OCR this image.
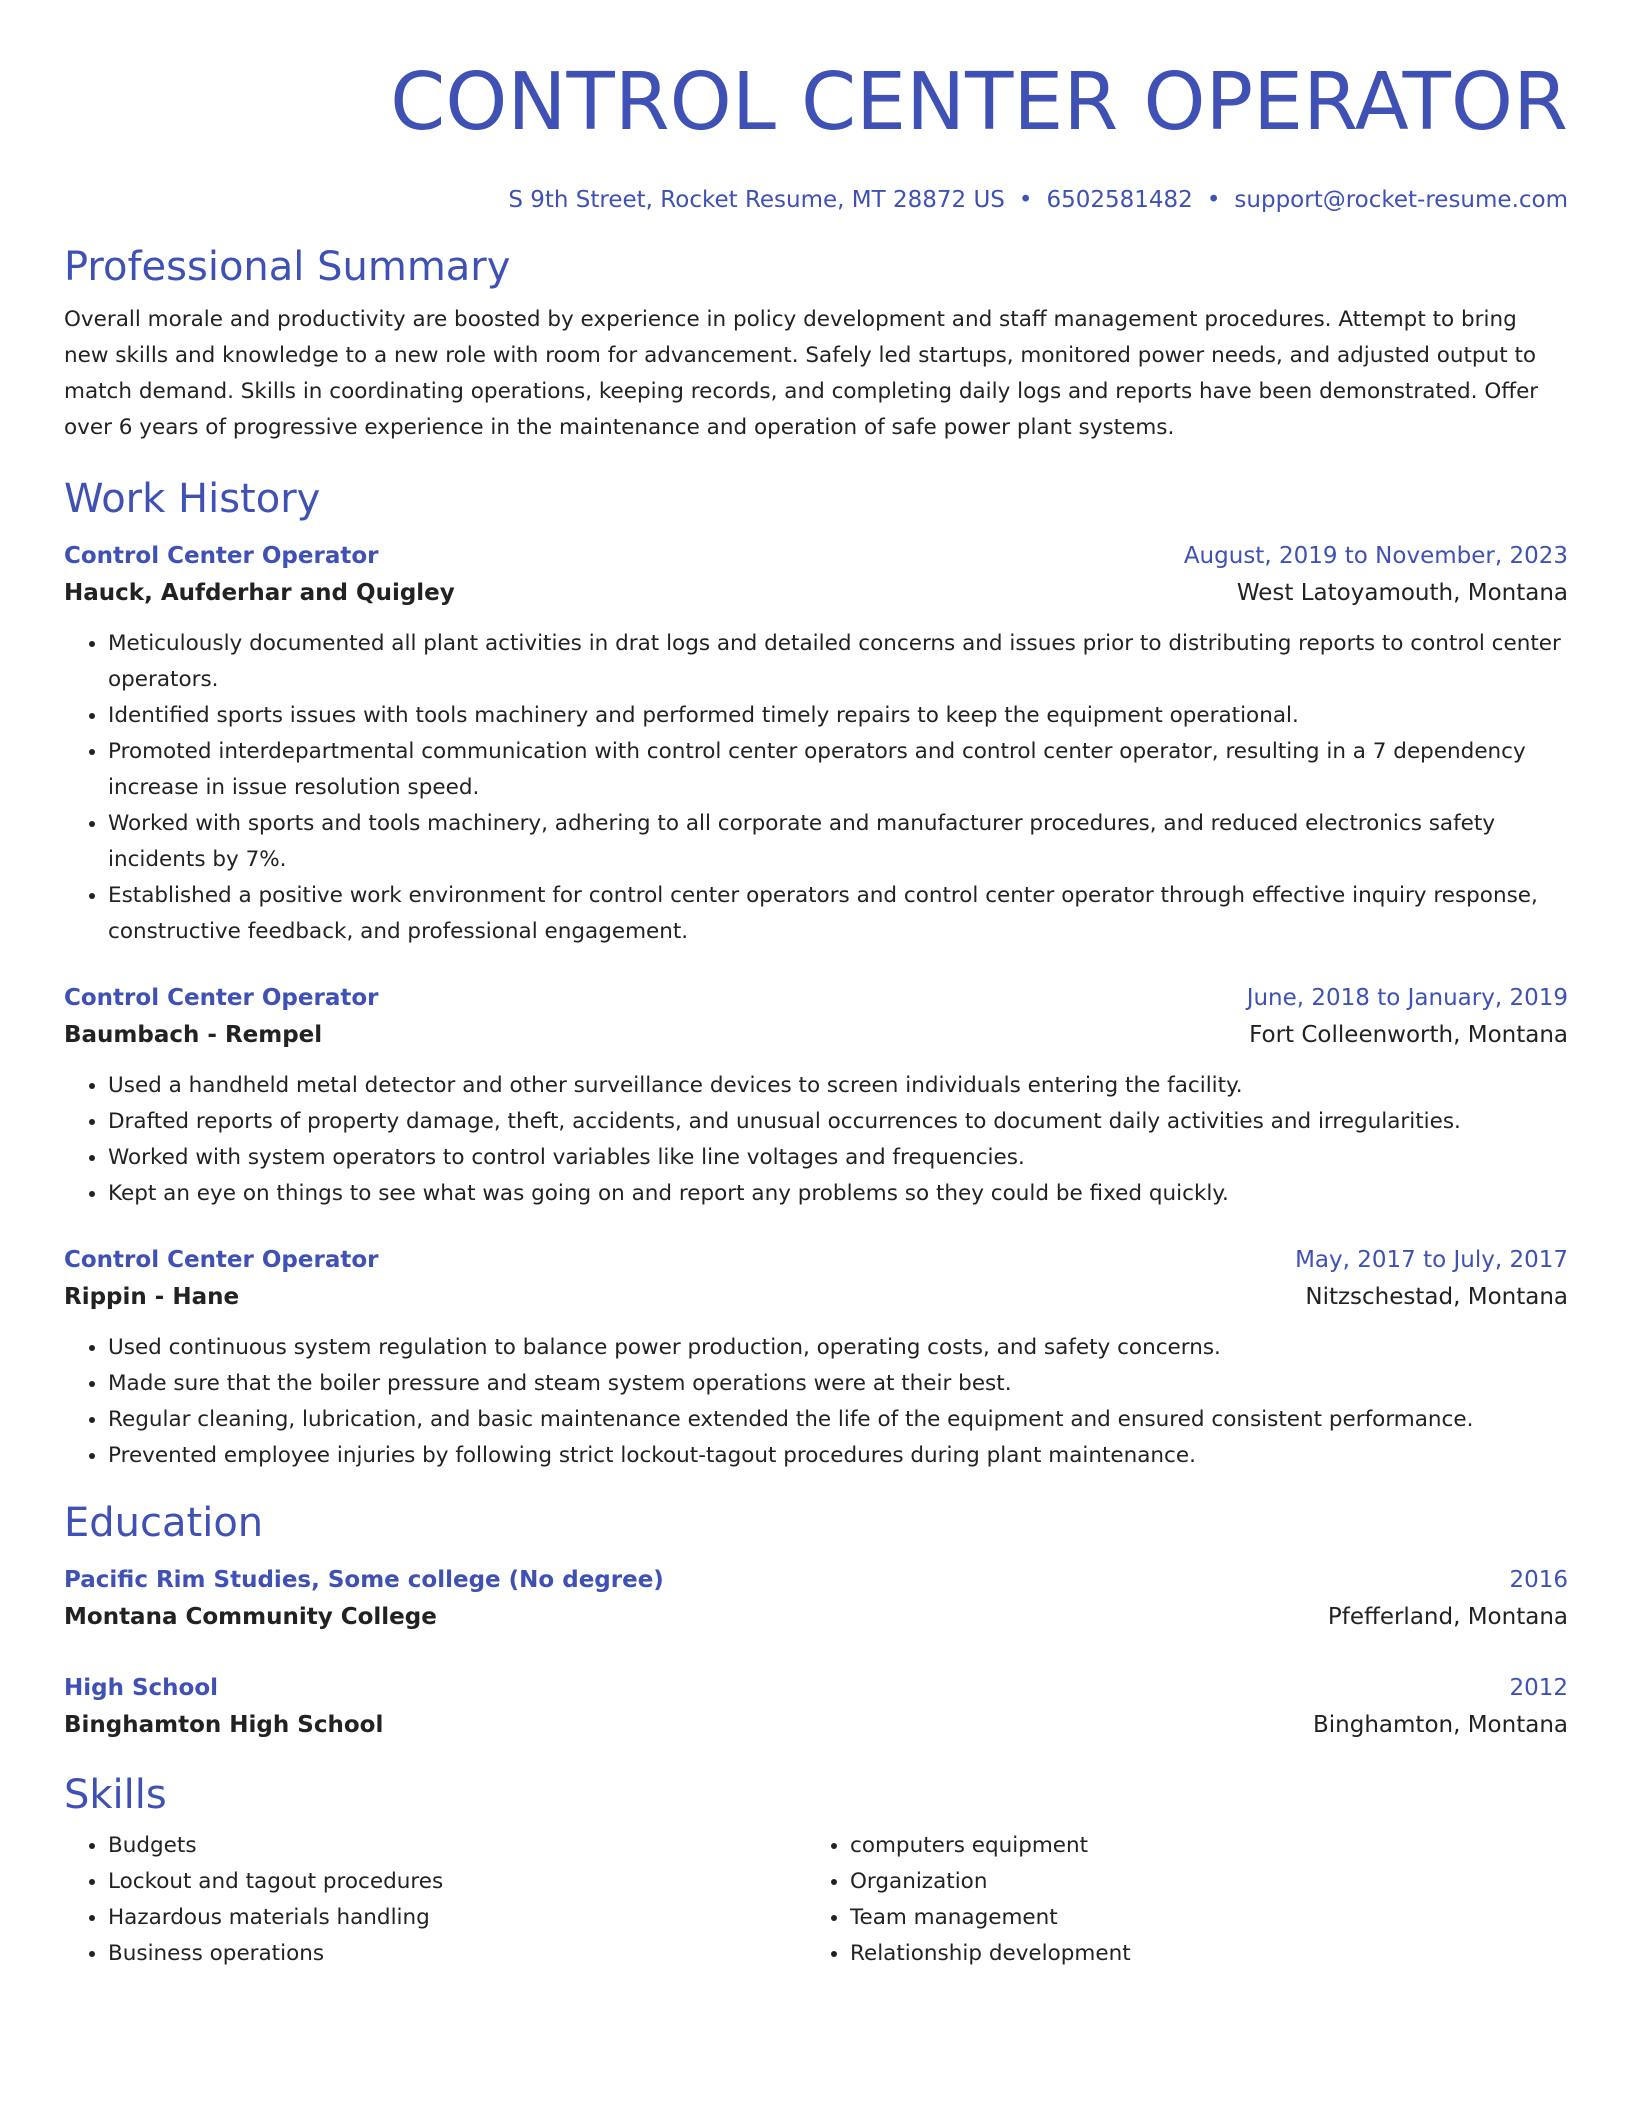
CONTROL CENTER OPERATOR
S 9th Street, Rocket Resume, MT 28872 US • 6502581482 • support@rocket-resume.com
Professional Summary

Overall morale and productivity are boosted by experience in policy development and staff management procedures. Attempt to bring new skills and knowledge to a new role with room for advancement. Safely led startups, monitored power needs, and adjusted output to match demand. Skills in coordinating operations, keeping records, and completing daily logs and reports have been demonstrated. Offer over 6 years of progressive experience in the maintenance and operation of safe power plant systems.

Work History
Control Center Operator	August, 2019 to November, 2023
Hauck, Aufderhar and Quigley	West Latoyamouth, Montana
• Meticulously documented all plant activities in drat logs and detailed concerns and issues prior to distributing reports to control center operators.
• Identified sports issues with tools machinery and performed timely repairs to keep the equipment operational.
• Promoted interdepartmental communication with control center operators and control center operator, resulting in a 7 dependency increase in issue resolution speed.
• Worked with sports and tools machinery, adhering to all corporate and manufacturer procedures, and reduced electronics safety incidents by 7%.
• Established a positive work environment for control center operators and control center operator through effective inquiry response, constructive feedback, and professional engagement.
Control Center Operator	June, 2018 to January, 2019
Baumbach - Rempel	Fort Colleenworth, Montana
• Used a handheld metal detector and other surveillance devices to screen individuals entering the facility.
• Drafted reports of property damage, theft, accidents, and unusual occurrences to document daily activities and irregularities.
• Worked with system operators to control variables like line voltages and frequencies.
• Kept an eye on things to see what was going on and report any problems so they could be fixed quickly.
Control Center Operator	May, 2017 to July, 2017
Rippin - Hane	Nitzschestad, Montana
• Used continuous system regulation to balance power production, operating costs, and safety concerns.
• Made sure that the boiler pressure and steam system operations were at their best.
• Regular cleaning, lubrication, and basic maintenance extended the life of the equipment and ensured consistent performance.
• Prevented employee injuries by following strict lockout-tagout procedures during plant maintenance.
Education
Pacific Rim Studies, Some college (No degree)	2016
Montana Community College	Pfefferland, Montana
High School	2012
Binghamton High School	Binghamton, Montana
Skills
• Budgets
• Lockout and tagout procedures
• Hazardous materials handling
• Business operations
• computers equipment
• Organization
• Team management
• Relationship development
